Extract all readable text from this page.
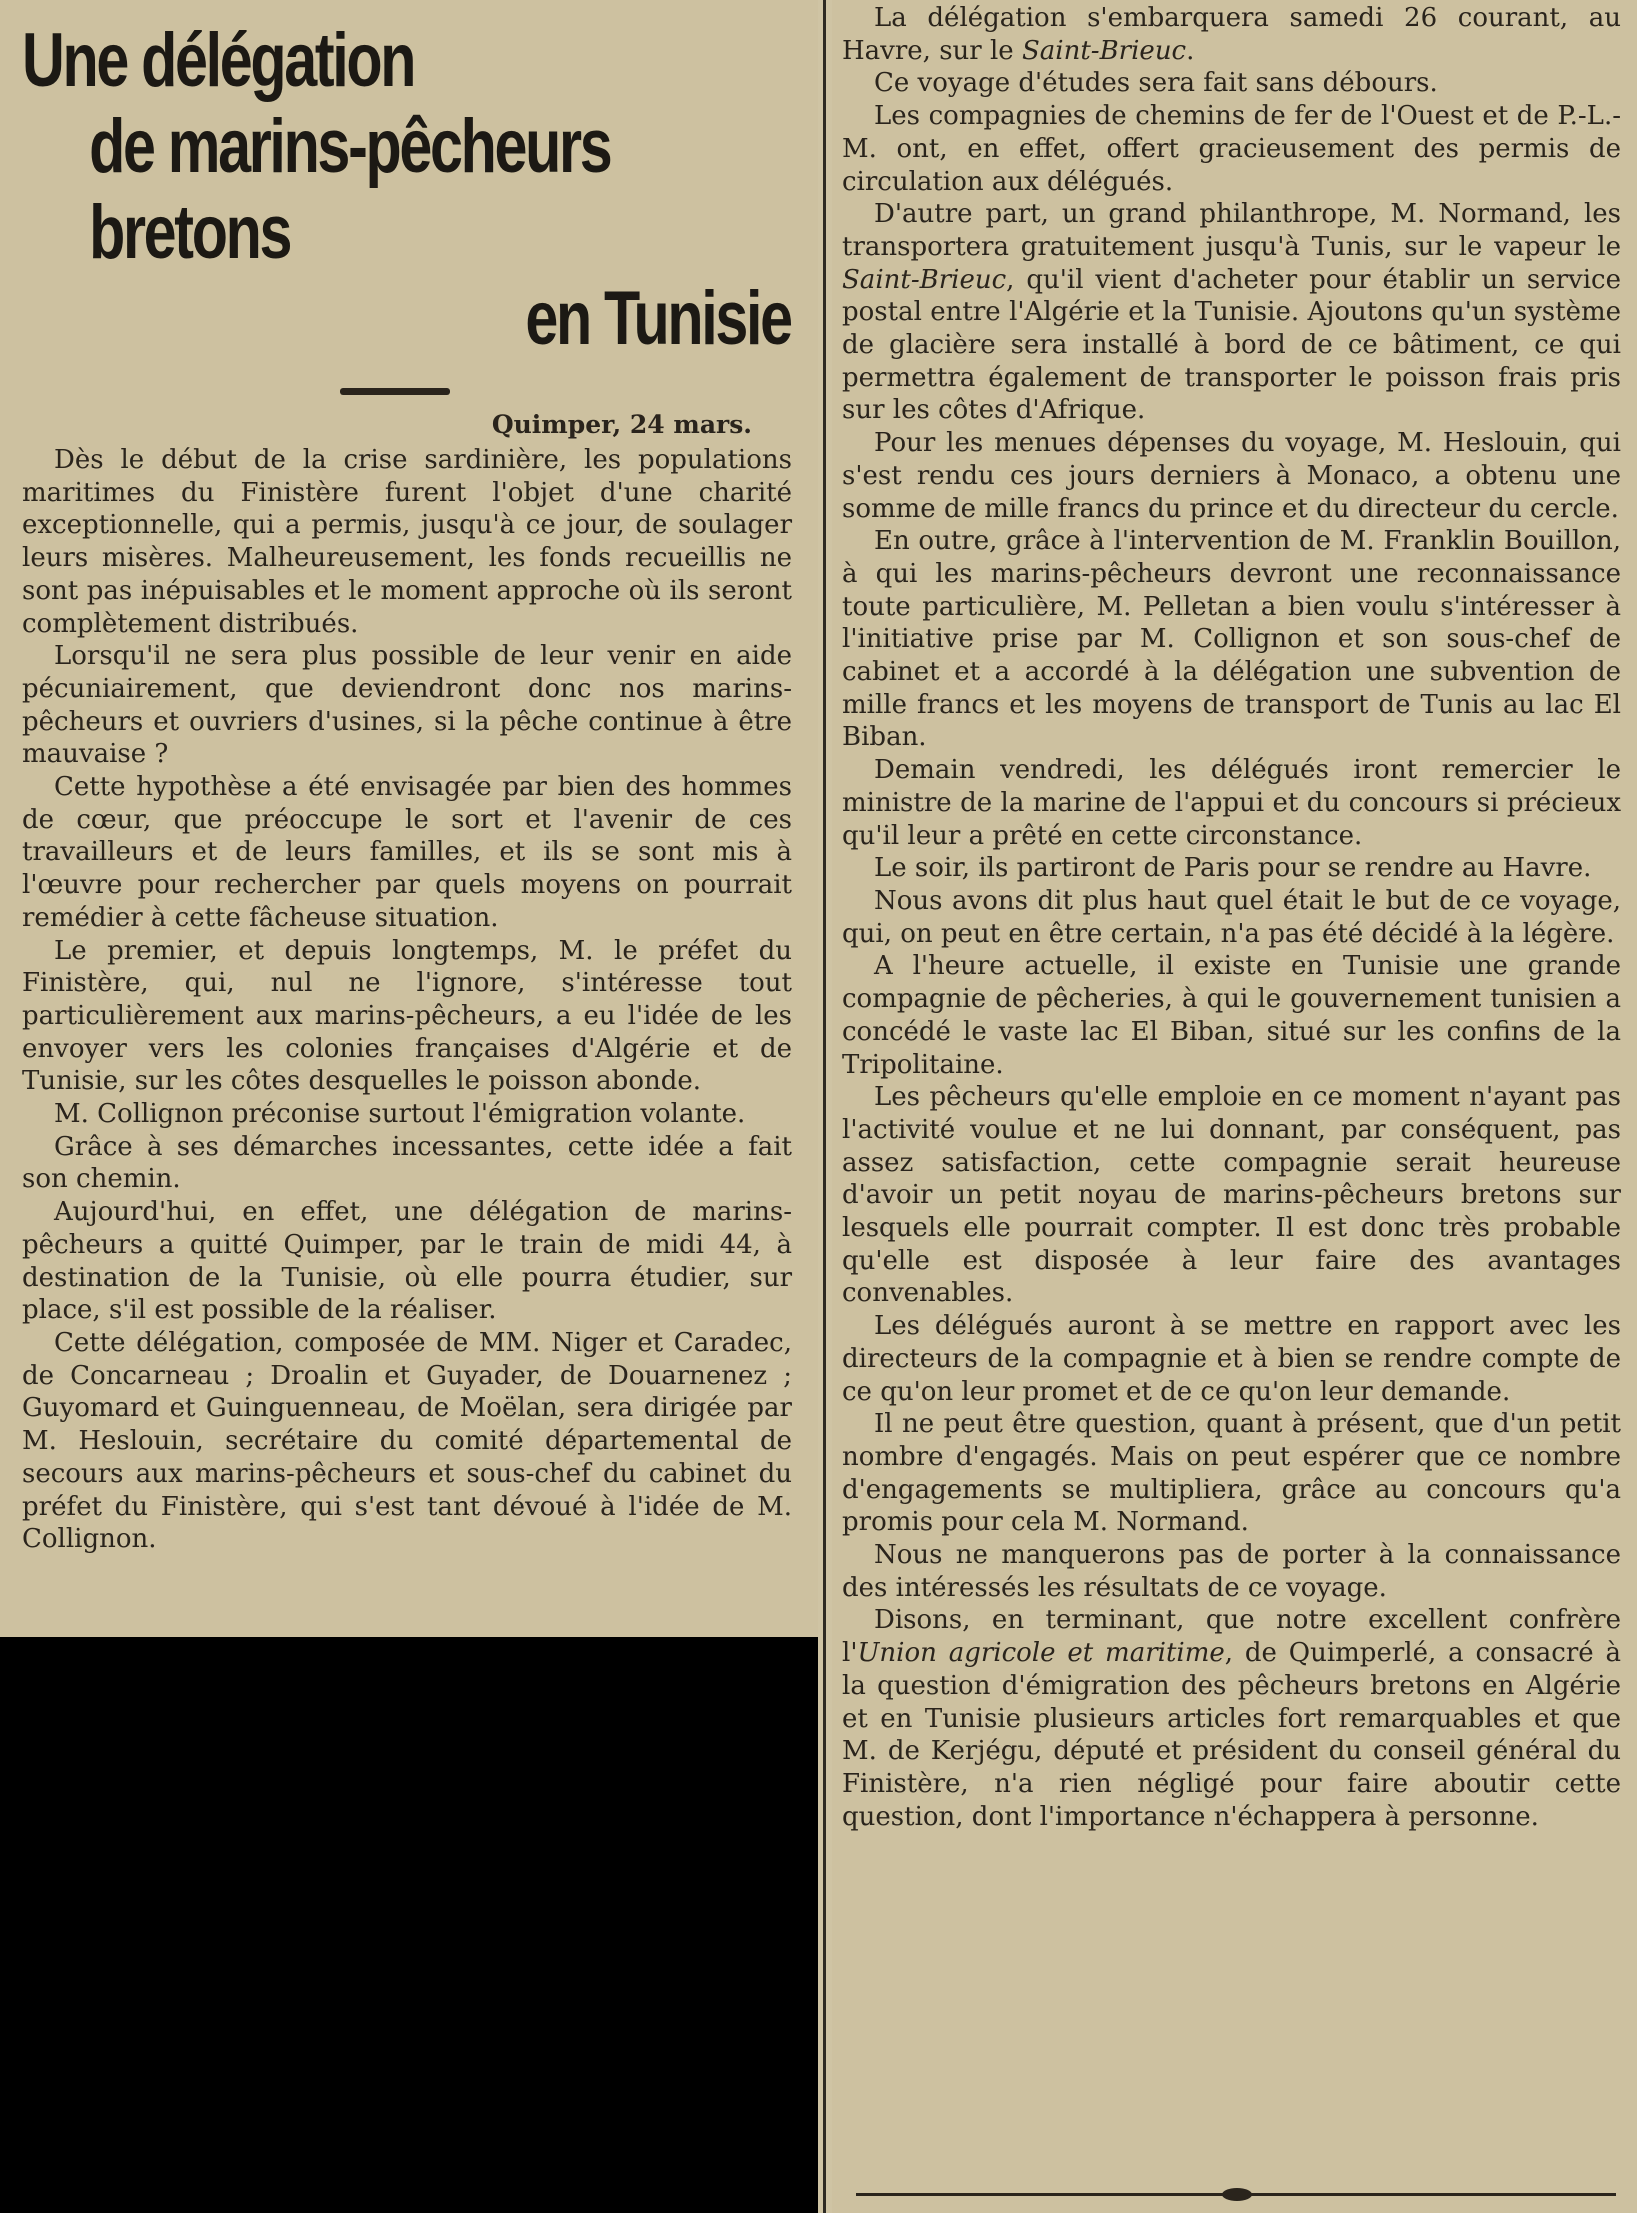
Une délégation
de marins-pêcheurs bretons
en Tunisie
Quimper, 24 mars.

Dès le début de la crise sardinière, les populations maritimes du Finistère furent l'objet d'une charité exceptionnelle, qui a permis, jusqu'à ce jour, de soulager leurs misères. Malheureusement, les fonds recueillis ne sont pas inépuisables et le moment approche où ils seront complètement distribués.

Lorsqu'il ne sera plus possible de leur venir en aide pécuniairement, que deviendront donc nos marins-pêcheurs et ouvriers d'usines, si la pêche continue à être mauvaise ?

Cette hypothèse a été envisagée par bien des hommes de cœur, que préoccupe le sort et l'avenir de ces travailleurs et de leurs familles, et ils se sont mis à l'œuvre pour rechercher par quels moyens on pourrait remédier à cette fâcheuse situation.

Le premier, et depuis longtemps, M. le préfet du Finistère, qui, nul ne l'ignore, s'intéresse tout particulièrement aux marins-pêcheurs, a eu l'idée de les envoyer vers les colonies françaises d'Algérie et de Tunisie, sur les côtes desquelles le poisson abonde.

M. Collignon préconise surtout l'émigration volante.

Grâce à ses démarches incessantes, cette idée a fait son chemin.

Aujourd'hui, en effet, une délégation de marins-pêcheurs a quitté Quimper, par le train de midi 44, à destination de la Tunisie, où elle pourra étudier, sur place, s'il est possible de la réaliser.

Cette délégation, composée de MM. Niger et Caradec, de Concarneau ; Droalin et Guyader, de Douarnenez ; Guyomard et Guinguenneau, de Moëlan, sera dirigée par M. Heslouin, secrétaire du comité départemental de secours aux marins-pêcheurs et sous-chef du cabinet du préfet du Finistère, qui s'est tant dévoué à l'idée de M. Collignon.

La délégation s'embarquera samedi 26 courant, au Havre, sur le Saint-Brieuc.

Ce voyage d'études sera fait sans débours.

Les compagnies de chemins de fer de l'Ouest et de P.-L.-M. ont, en effet, offert gracieusement des permis de circulation aux délégués.

D'autre part, un grand philanthrope, M. Normand, les transportera gratuitement jusqu'à Tunis, sur le vapeur le Saint-Brieuc, qu'il vient d'acheter pour établir un service postal entre l'Algérie et la Tunisie. Ajoutons qu'un système de glacière sera installé à bord de ce bâtiment, ce qui permettra également de transporter le poisson frais pris sur les côtes d'Afrique.

Pour les menues dépenses du voyage, M. Heslouin, qui s'est rendu ces jours derniers à Monaco, a obtenu une somme de mille francs du prince et du directeur du cercle.

En outre, grâce à l'intervention de M. Franklin Bouillon, à qui les marins-pêcheurs devront une reconnaissance toute particulière, M. Pelletan a bien voulu s'intéresser à l'initiative prise par M. Collignon et son sous-chef de cabinet et a accordé à la délégation une subvention de mille francs et les moyens de transport de Tunis au lac El Biban.

Demain vendredi, les délégués iront remercier le ministre de la marine de l'appui et du concours si précieux qu'il leur a prêté en cette circonstance.

Le soir, ils partiront de Paris pour se rendre au Havre.

Nous avons dit plus haut quel était le but de ce voyage, qui, on peut en être certain, n'a pas été décidé à la légère.

A l'heure actuelle, il existe en Tunisie une grande compagnie de pêcheries, à qui le gouvernement tunisien a concédé le vaste lac El Biban, situé sur les confins de la Tripolitaine.

Les pêcheurs qu'elle emploie en ce moment n'ayant pas l'activité voulue et ne lui donnant, par conséquent, pas assez satisfaction, cette compagnie serait heureuse d'avoir un petit noyau de marins-pêcheurs bretons sur lesquels elle pourrait compter. Il est donc très probable qu'elle est disposée à leur faire des avantages convenables.

Les délégués auront à se mettre en rapport avec les directeurs de la compagnie et à bien se rendre compte de ce qu'on leur promet et de ce qu'on leur demande.

Il ne peut être question, quant à présent, que d'un petit nombre d'engagés. Mais on peut espérer que ce nombre d'engagements se multipliera, grâce au concours qu'a promis pour cela M. Normand.

Nous ne manquerons pas de porter à la connaissance des intéressés les résultats de ce voyage.

Disons, en terminant, que notre excellent confrère l'Union agricole et maritime, de Quimperlé, a consacré à la question d'émigration des pêcheurs bretons en Algérie et en Tunisie plusieurs articles fort remarquables et que M. de Kerjégu, député et président du conseil général du Finistère, n'a rien négligé pour faire aboutir cette question, dont l'importance n'échappera à personne.
